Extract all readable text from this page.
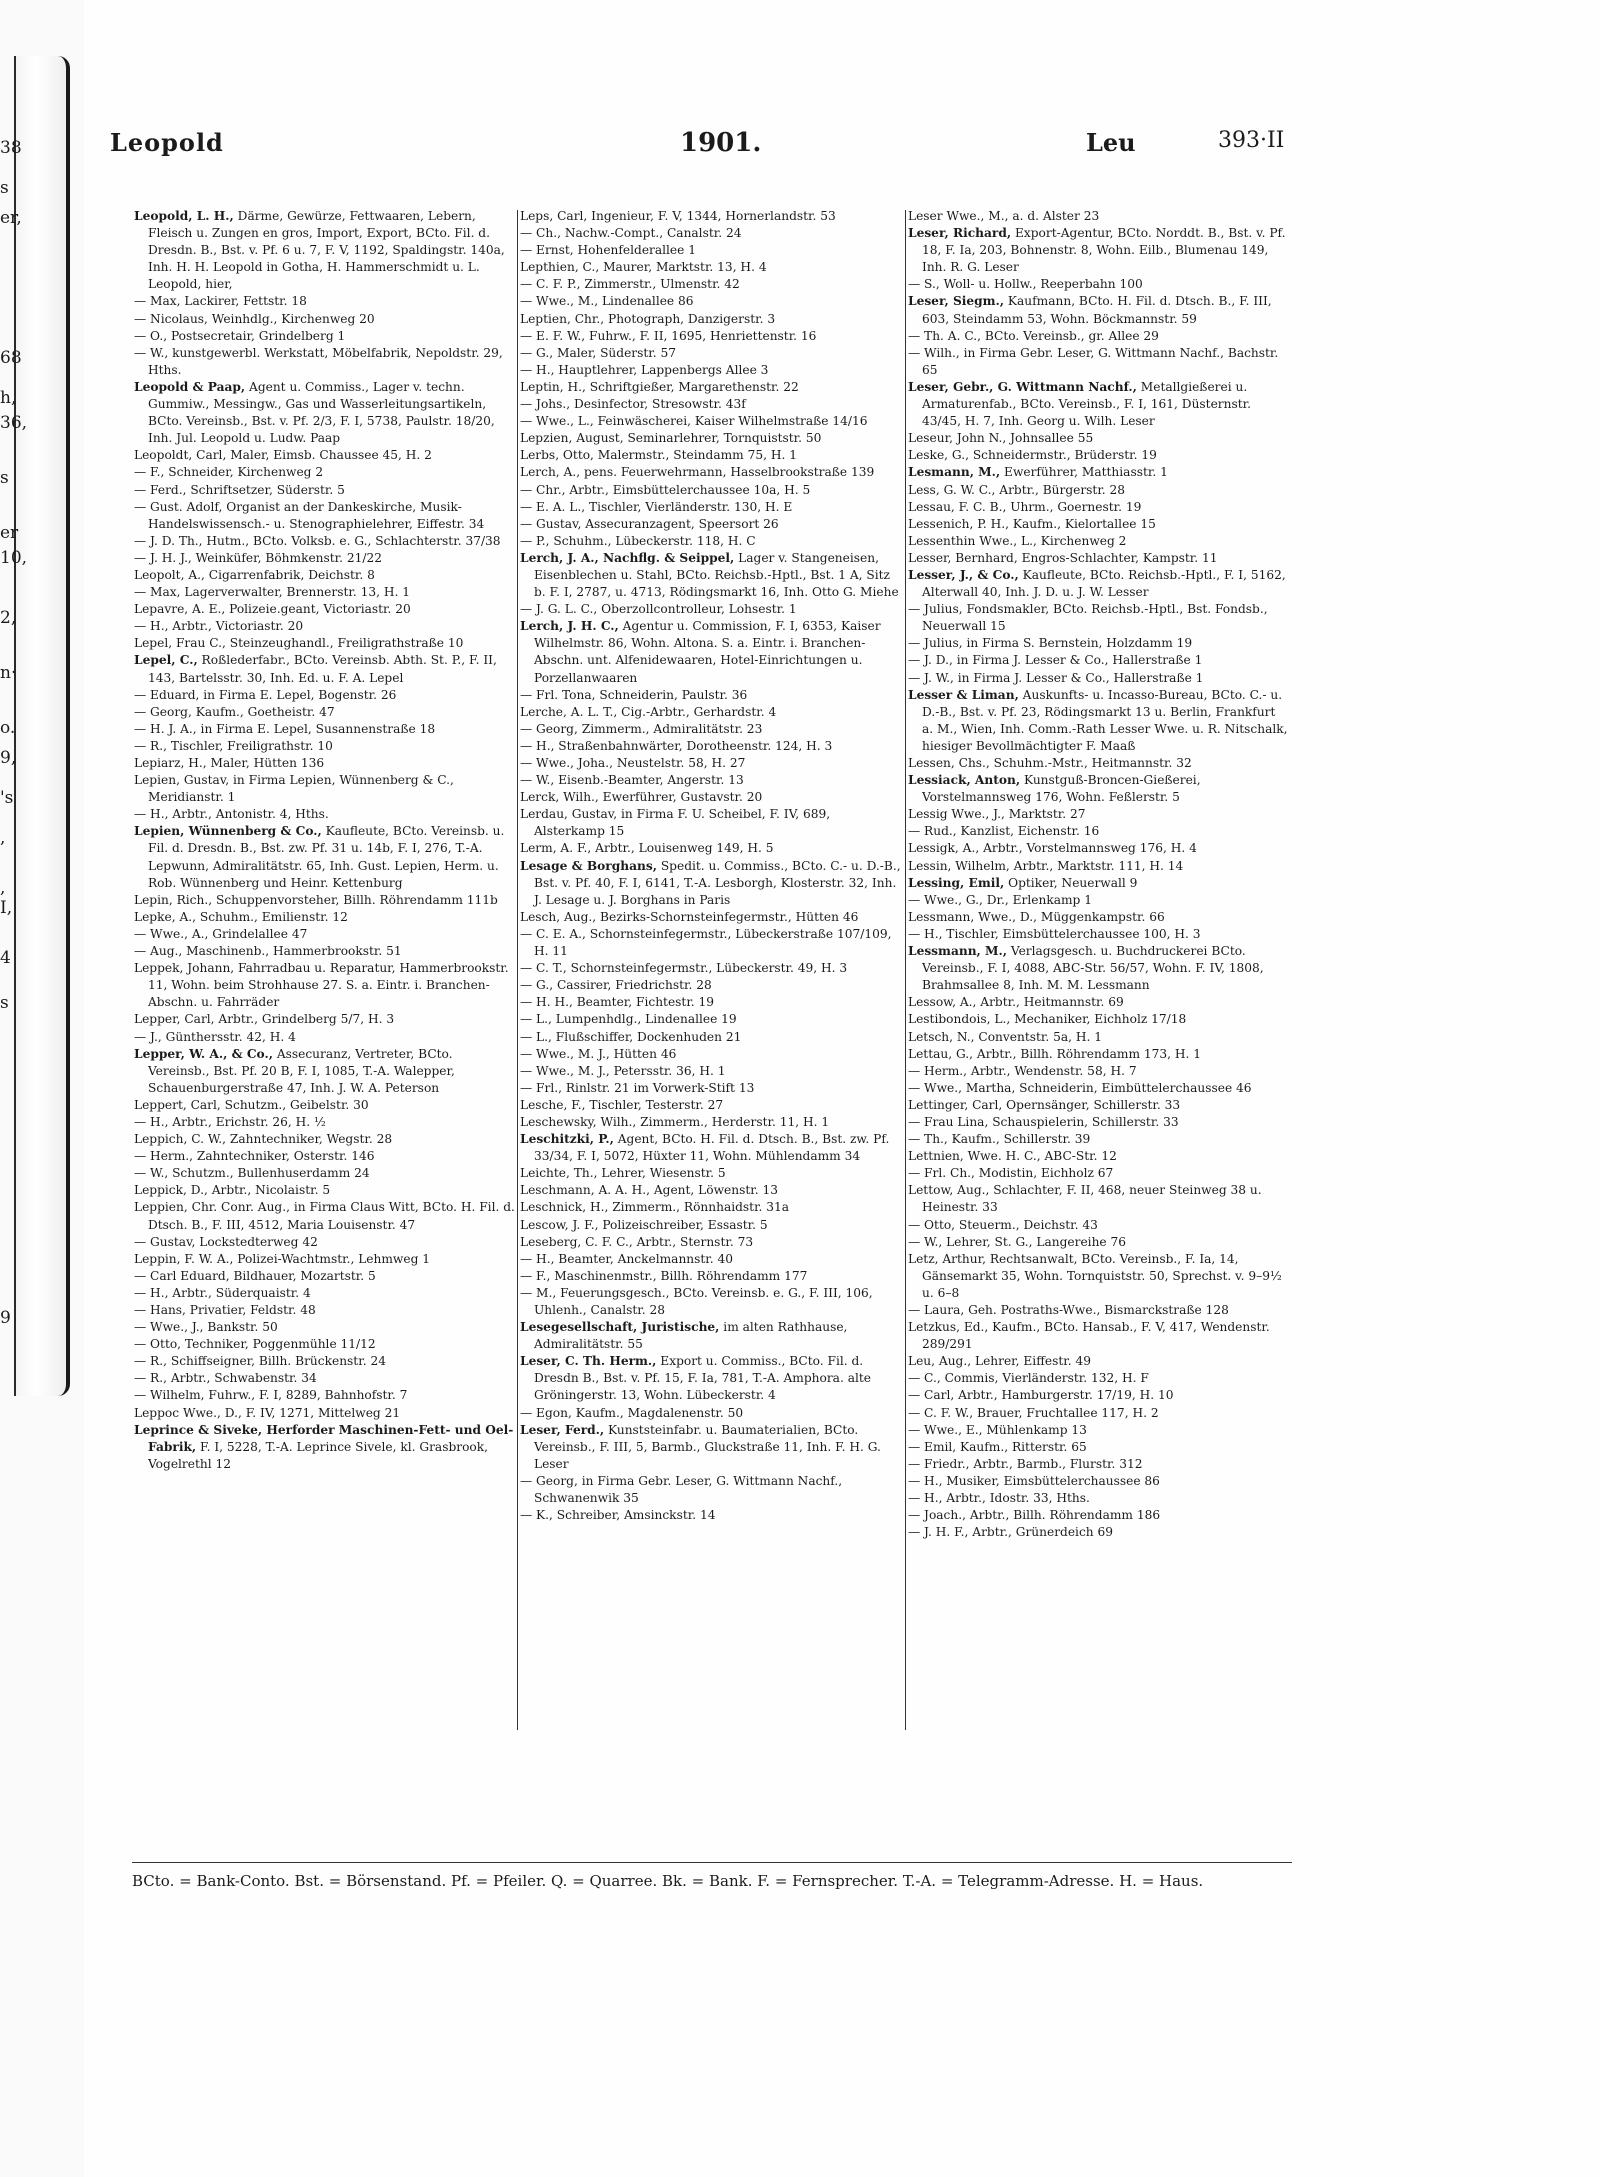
38
s
er,
68
h,
36,
s
er
10,
2,
n·
o.
9,
's
,
,
I,
4
s
9
Leopold	1901.	Leu	393·II

Leopold, L. H., Därme, Gewürze, Fettwaaren, Lebern, Fleisch u. Zungen en gros, Import, Export, BCto. Fil. d. Dresdn. B., Bst. v. Pf. 6 u. 7, F. V, 1192, Spaldingstr. 140a, Inh. H. H. Leopold in Gotha, H. Hammerschmidt u. L. Leopold, hier,

— Max, Lackirer, Fettstr. 18

— Nicolaus, Weinhdlg., Kirchenweg 20

— O., Postsecretair, Grindelberg 1

— W., kunstgewerbl. Werkstatt, Möbelfabrik, Nepoldstr. 29, Hths.

Leopold & Paap, Agent u. Commiss., Lager v. techn. Gummiw., Messingw., Gas und Wasserleitungsartikeln, BCto. Vereinsb., Bst. v. Pf. 2/3, F. I, 5738, Paulstr. 18/20, Inh. Jul. Leopold u. Ludw. Paap

Leopoldt, Carl, Maler, Eimsb. Chaussee 45, H. 2

— F., Schneider, Kirchenweg 2

— Ferd., Schriftsetzer, Süderstr. 5

— Gust. Adolf, Organist an der Dankeskirche, Musik-Handelswissensch.- u. Stenographielehrer, Eiffestr. 34

— J. D. Th., Hutm., BCto. Volksb. e. G., Schlachterstr. 37/38

— J. H. J., Weinküfer, Böhmkenstr. 21/22

Leopolt, A., Cigarrenfabrik, Deichstr. 8

— Max, Lagerverwalter, Brennerstr. 13, H. 1

Lepavre, A. E., Polizeie.geant, Victoriastr. 20

— H., Arbtr., Victoriastr. 20

Lepel, Frau C., Steinzeughandl., Freiligrathstraße 10

Lepel, C., Roßlederfabr., BCto. Vereinsb. Abth. St. P., F. II, 143, Bartelsstr. 30, Inh. Ed. u. F. A. Lepel

— Eduard, in Firma E. Lepel, Bogenstr. 26

— Georg, Kaufm., Goetheistr. 47

— H. J. A., in Firma E. Lepel, Susannenstraße 18

— R., Tischler, Freiligrathstr. 10

Lepiarz, H., Maler, Hütten 136

Lepien, Gustav, in Firma Lepien, Wünnenberg & C., Meridianstr. 1

— H., Arbtr., Antonistr. 4, Hths.

Lepien, Wünnenberg & Co., Kaufleute, BCto. Vereinsb. u. Fil. d. Dresdn. B., Bst. zw. Pf. 31 u. 14b, F. I, 276, T.-A. Lepwunn, Admiralitätstr. 65, Inh. Gust. Lepien, Herm. u. Rob. Wünnenberg und Heinr. Kettenburg

Lepin, Rich., Schuppenvorsteher, Billh. Röhrendamm 111b

Lepke, A., Schuhm., Emilienstr. 12

— Wwe., A., Grindelallee 47

— Aug., Maschinenb., Hammerbrookstr. 51

Leppek, Johann, Fahrradbau u. Reparatur, Hammerbrookstr. 11, Wohn. beim Strohhause 27. S. a. Eintr. i. Branchen-Abschn. u. Fahrräder

Lepper, Carl, Arbtr., Grindelberg 5/7, H. 3

— J., Günthersstr. 42, H. 4

Lepper, W. A., & Co., Assecuranz, Vertreter, BCto. Vereinsb., Bst. Pf. 20 B, F. I, 1085, T.-A. Walepper, Schauenburgerstraße 47, Inh. J. W. A. Peterson

Leppert, Carl, Schutzm., Geibelstr. 30

— H., Arbtr., Erichstr. 26, H. ½

Leppich, C. W., Zahntechniker, Wegstr. 28

— Herm., Zahntechniker, Osterstr. 146

— W., Schutzm., Bullenhuserdamm 24

Leppick, D., Arbtr., Nicolaistr. 5

Leppien, Chr. Conr. Aug., in Firma Claus Witt, BCto. H. Fil. d. Dtsch. B., F. III, 4512, Maria Louisenstr. 47

— Gustav, Lockstedterweg 42

Leppin, F. W. A., Polizei-Wachtmstr., Lehmweg 1

— Carl Eduard, Bildhauer, Mozartstr. 5

— H., Arbtr., Süderquaistr. 4

— Hans, Privatier, Feldstr. 48

— Wwe., J., Bankstr. 50

— Otto, Techniker, Poggenmühle 11/12

— R., Schiffseigner, Billh. Brückenstr. 24

— R., Arbtr., Schwabenstr. 34

— Wilhelm, Fuhrw., F. I, 8289, Bahnhofstr. 7

Leppoc Wwe., D., F. IV, 1271, Mittelweg 21

Leprince & Siveke, Herforder Maschinen-Fett- und Oel-Fabrik, F. I, 5228, T.-A. Leprince Sivele, kl. Grasbrook, Vogelrethl 12

Leps, Carl, Ingenieur, F. V, 1344, Hornerlandstr. 53

— Ch., Nachw.-Compt., Canalstr. 24

— Ernst, Hohenfelderallee 1

Lepthien, C., Maurer, Marktstr. 13, H. 4

— C. F. P., Zimmerstr., Ulmenstr. 42

— Wwe., M., Lindenallee 86

Leptien, Chr., Photograph, Danzigerstr. 3

— E. F. W., Fuhrw., F. II, 1695, Henriettenstr. 16

— G., Maler, Süderstr. 57

— H., Hauptlehrer, Lappenbergs Allee 3

Leptin, H., Schriftgießer, Margarethenstr. 22

— Johs., Desinfector, Stresowstr. 43f

— Wwe., L., Feinwäscherei, Kaiser Wilhelmstraße 14/16

Lepzien, August, Seminarlehrer, Tornquiststr. 50

Lerbs, Otto, Malermstr., Steindamm 75, H. 1

Lerch, A., pens. Feuerwehrmann, Hasselbrookstraße 139

— Chr., Arbtr., Eimsbüttelerchaussee 10a, H. 5

— E. A. L., Tischler, Vierländerstr. 130, H. E

— Gustav, Assecuranzagent, Speersort 26

— P., Schuhm., Lübeckerstr. 118, H. C

Lerch, J. A., Nachflg. & Seippel, Lager v. Stangeneisen, Eisenblechen u. Stahl, BCto. Reichsb.-Hptl., Bst. 1 A, Sitz b. F. I, 2787, u. 4713, Rödingsmarkt 16, Inh. Otto G. Miehe

— J. G. L. C., Oberzollcontrolleur, Lohsestr. 1

Lerch, J. H. C., Agentur u. Commission, F. I, 6353, Kaiser Wilhelmstr. 86, Wohn. Altona. S. a. Eintr. i. Branchen-Abschn. unt. Alfenidewaaren, Hotel-Einrichtungen u. Porzellanwaaren

— Frl. Tona, Schneiderin, Paulstr. 36

Lerche, A. L. T., Cig.-Arbtr., Gerhardstr. 4

— Georg, Zimmerm., Admiralitätstr. 23

— H., Straßenbahnwärter, Dorotheenstr. 124, H. 3

— Wwe., Joha., Neustelstr. 58, H. 27

— W., Eisenb.-Beamter, Angerstr. 13

Lerck, Wilh., Ewerführer, Gustavstr. 20

Lerdau, Gustav, in Firma F. U. Scheibel, F. IV, 689, Alsterkamp 15

Lerm, A. F., Arbtr., Louisenweg 149, H. 5

Lesage & Borghans, Spedit. u. Commiss., BCto. C.- u. D.-B., Bst. v. Pf. 40, F. I, 6141, T.-A. Lesborgh, Klosterstr. 32, Inh. J. Lesage u. J. Borghans in Paris

Lesch, Aug., Bezirks-Schornsteinfegermstr., Hütten 46

— C. E. A., Schornsteinfegermstr., Lübeckerstraße 107/109, H. 11

— C. T., Schornsteinfegermstr., Lübeckerstr. 49, H. 3

— G., Cassirer, Friedrichstr. 28

— H. H., Beamter, Fichtestr. 19

— L., Lumpenhdlg., Lindenallee 19

— L., Flußschiffer, Dockenhuden 21

— Wwe., M. J., Hütten 46

— Wwe., M. J., Petersstr. 36, H. 1

— Frl., Rinlstr. 21 im Vorwerk-Stift 13

Lesche, F., Tischler, Testerstr. 27

Leschewsky, Wilh., Zimmerm., Herderstr. 11, H. 1

Leschitzki, P., Agent, BCto. H. Fil. d. Dtsch. B., Bst. zw. Pf. 33/34, F. I, 5072, Hüxter 11, Wohn. Mühlendamm 34

Leichte, Th., Lehrer, Wiesenstr. 5

Leschmann, A. A. H., Agent, Löwenstr. 13

Leschnick, H., Zimmerm., Rönnhaidstr. 31a

Lescow, J. F., Polizeischreiber, Essastr. 5

Leseberg, C. F. C., Arbtr., Sternstr. 73

— H., Beamter, Anckelmannstr. 40

— F., Maschinenmstr., Billh. Röhrendamm 177

— M., Feuerungsgesch., BCto. Vereinsb. e. G., F. III, 106, Uhlenh., Canalstr. 28

Lesegesellschaft, Juristische, im alten Rathhause, Admiralitätstr. 55

Leser, C. Th. Herm., Export u. Commiss., BCto. Fil. d. Dresdn B., Bst. v. Pf. 15, F. Ia, 781, T.-A. Amphora. alte Gröningerstr. 13, Wohn. Lübeckerstr. 4

— Egon, Kaufm., Magdalenenstr. 50

Leser, Ferd., Kunststeinfabr. u. Baumaterialien, BCto. Vereinsb., F. III, 5, Barmb., Gluckstraße 11, Inh. F. H. G. Leser

— Georg, in Firma Gebr. Leser, G. Wittmann Nachf., Schwanenwik 35

— K., Schreiber, Amsinckstr. 14

Leser Wwe., M., a. d. Alster 23

Leser, Richard, Export-Agentur, BCto. Norddt. B., Bst. v. Pf. 18, F. Ia, 203, Bohnenstr. 8, Wohn. Eilb., Blumenau 149, Inh. R. G. Leser

— S., Woll- u. Hollw., Reeperbahn 100

Leser, Siegm., Kaufmann, BCto. H. Fil. d. Dtsch. B., F. III, 603, Steindamm 53, Wohn. Böckmannstr. 59

— Th. A. C., BCto. Vereinsb., gr. Allee 29

— Wilh., in Firma Gebr. Leser, G. Wittmann Nachf., Bachstr. 65

Leser, Gebr., G. Wittmann Nachf., Metallgießerei u. Armaturenfab., BCto. Vereinsb., F. I, 161, Düsternstr. 43/45, H. 7, Inh. Georg u. Wilh. Leser

Leseur, John N., Johnsallee 55

Leske, G., Schneidermstr., Brüderstr. 19

Lesmann, M., Ewerführer, Matthiasstr. 1

Less, G. W. C., Arbtr., Bürgerstr. 28

Lessau, F. C. B., Uhrm., Goernestr. 19

Lessenich, P. H., Kaufm., Kielortallee 15

Lessenthin Wwe., L., Kirchenweg 2

Lesser, Bernhard, Engros-Schlachter, Kampstr. 11

Lesser, J., & Co., Kaufleute, BCto. Reichsb.-Hptl., F. I, 5162, Alterwall 40, Inh. J. D. u. J. W. Lesser

— Julius, Fondsmakler, BCto. Reichsb.-Hptl., Bst. Fondsb., Neuerwall 15

— Julius, in Firma S. Bernstein, Holzdamm 19

— J. D., in Firma J. Lesser & Co., Hallerstraße 1

— J. W., in Firma J. Lesser & Co., Hallerstraße 1

Lesser & Liman, Auskunfts- u. Incasso-Bureau, BCto. C.- u. D.-B., Bst. v. Pf. 23, Rödingsmarkt 13 u. Berlin, Frankfurt a. M., Wien, Inh. Comm.-Rath Lesser Wwe. u. R. Nitschalk, hiesiger Bevollmächtigter F. Maaß

Lessen, Chs., Schuhm.-Mstr., Heitmannstr. 32

Lessiack, Anton, Kunstguß-Broncen-Gießerei, Vorstelmannsweg 176, Wohn. Feßlerstr. 5

Lessig Wwe., J., Marktstr. 27

— Rud., Kanzlist, Eichenstr. 16

Lessigk, A., Arbtr., Vorstelmannsweg 176, H. 4

Lessin, Wilhelm, Arbtr., Marktstr. 111, H. 14

Lessing, Emil, Optiker, Neuerwall 9

— Wwe., G., Dr., Erlenkamp 1

Lessmann, Wwe., D., Müggenkampstr. 66

— H., Tischler, Eimsbüttelerchaussee 100, H. 3

Lessmann, M., Verlagsgesch. u. Buchdruckerei BCto. Vereinsb., F. I, 4088, ABC-Str. 56/57, Wohn. F. IV, 1808, Brahmsallee 8, Inh. M. M. Lessmann

Lessow, A., Arbtr., Heitmannstr. 69

Lestibondois, L., Mechaniker, Eichholz 17/18

Letsch, N., Conventstr. 5a, H. 1

Lettau, G., Arbtr., Billh. Röhrendamm 173, H. 1

— Herm., Arbtr., Wendenstr. 58, H. 7

— Wwe., Martha, Schneiderin, Eimbüttelerchaussee 46

Lettinger, Carl, Opernsänger, Schillerstr. 33

— Frau Lina, Schauspielerin, Schillerstr. 33

— Th., Kaufm., Schillerstr. 39

Lettnien, Wwe. H. C., ABC-Str. 12

— Frl. Ch., Modistin, Eichholz 67

Lettow, Aug., Schlachter, F. II, 468, neuer Steinweg 38 u. Heinestr. 33

— Otto, Steuerm., Deichstr. 43

— W., Lehrer, St. G., Langereihe 76

Letz, Arthur, Rechtsanwalt, BCto. Vereinsb., F. Ia, 14, Gänsemarkt 35, Wohn. Tornquiststr. 50, Sprechst. v. 9–9½ u. 6–8

— Laura, Geh. Postraths-Wwe., Bismarckstraße 128

Letzkus, Ed., Kaufm., BCto. Hansab., F. V, 417, Wendenstr. 289/291

Leu, Aug., Lehrer, Eiffestr. 49

— C., Commis, Vierländerstr. 132, H. F

— Carl, Arbtr., Hamburgerstr. 17/19, H. 10

— C. F. W., Brauer, Fruchtallee 117, H. 2

— Wwe., E., Mühlenkamp 13

— Emil, Kaufm., Ritterstr. 65

— Friedr., Arbtr., Barmb., Flurstr. 312

— H., Musiker, Eimsbüttelerchaussee 86

— H., Arbtr., Idostr. 33, Hths.

— Joach., Arbtr., Billh. Röhrendamm 186

— J. H. F., Arbtr., Grünerdeich 69

BCto. = Bank-Conto. Bst. = Börsenstand. Pf. = Pfeiler. Q. = Quarree. Bk. = Bank. F. = Fernsprecher. T.-A. = Telegramm-Adresse. H. = Haus.
